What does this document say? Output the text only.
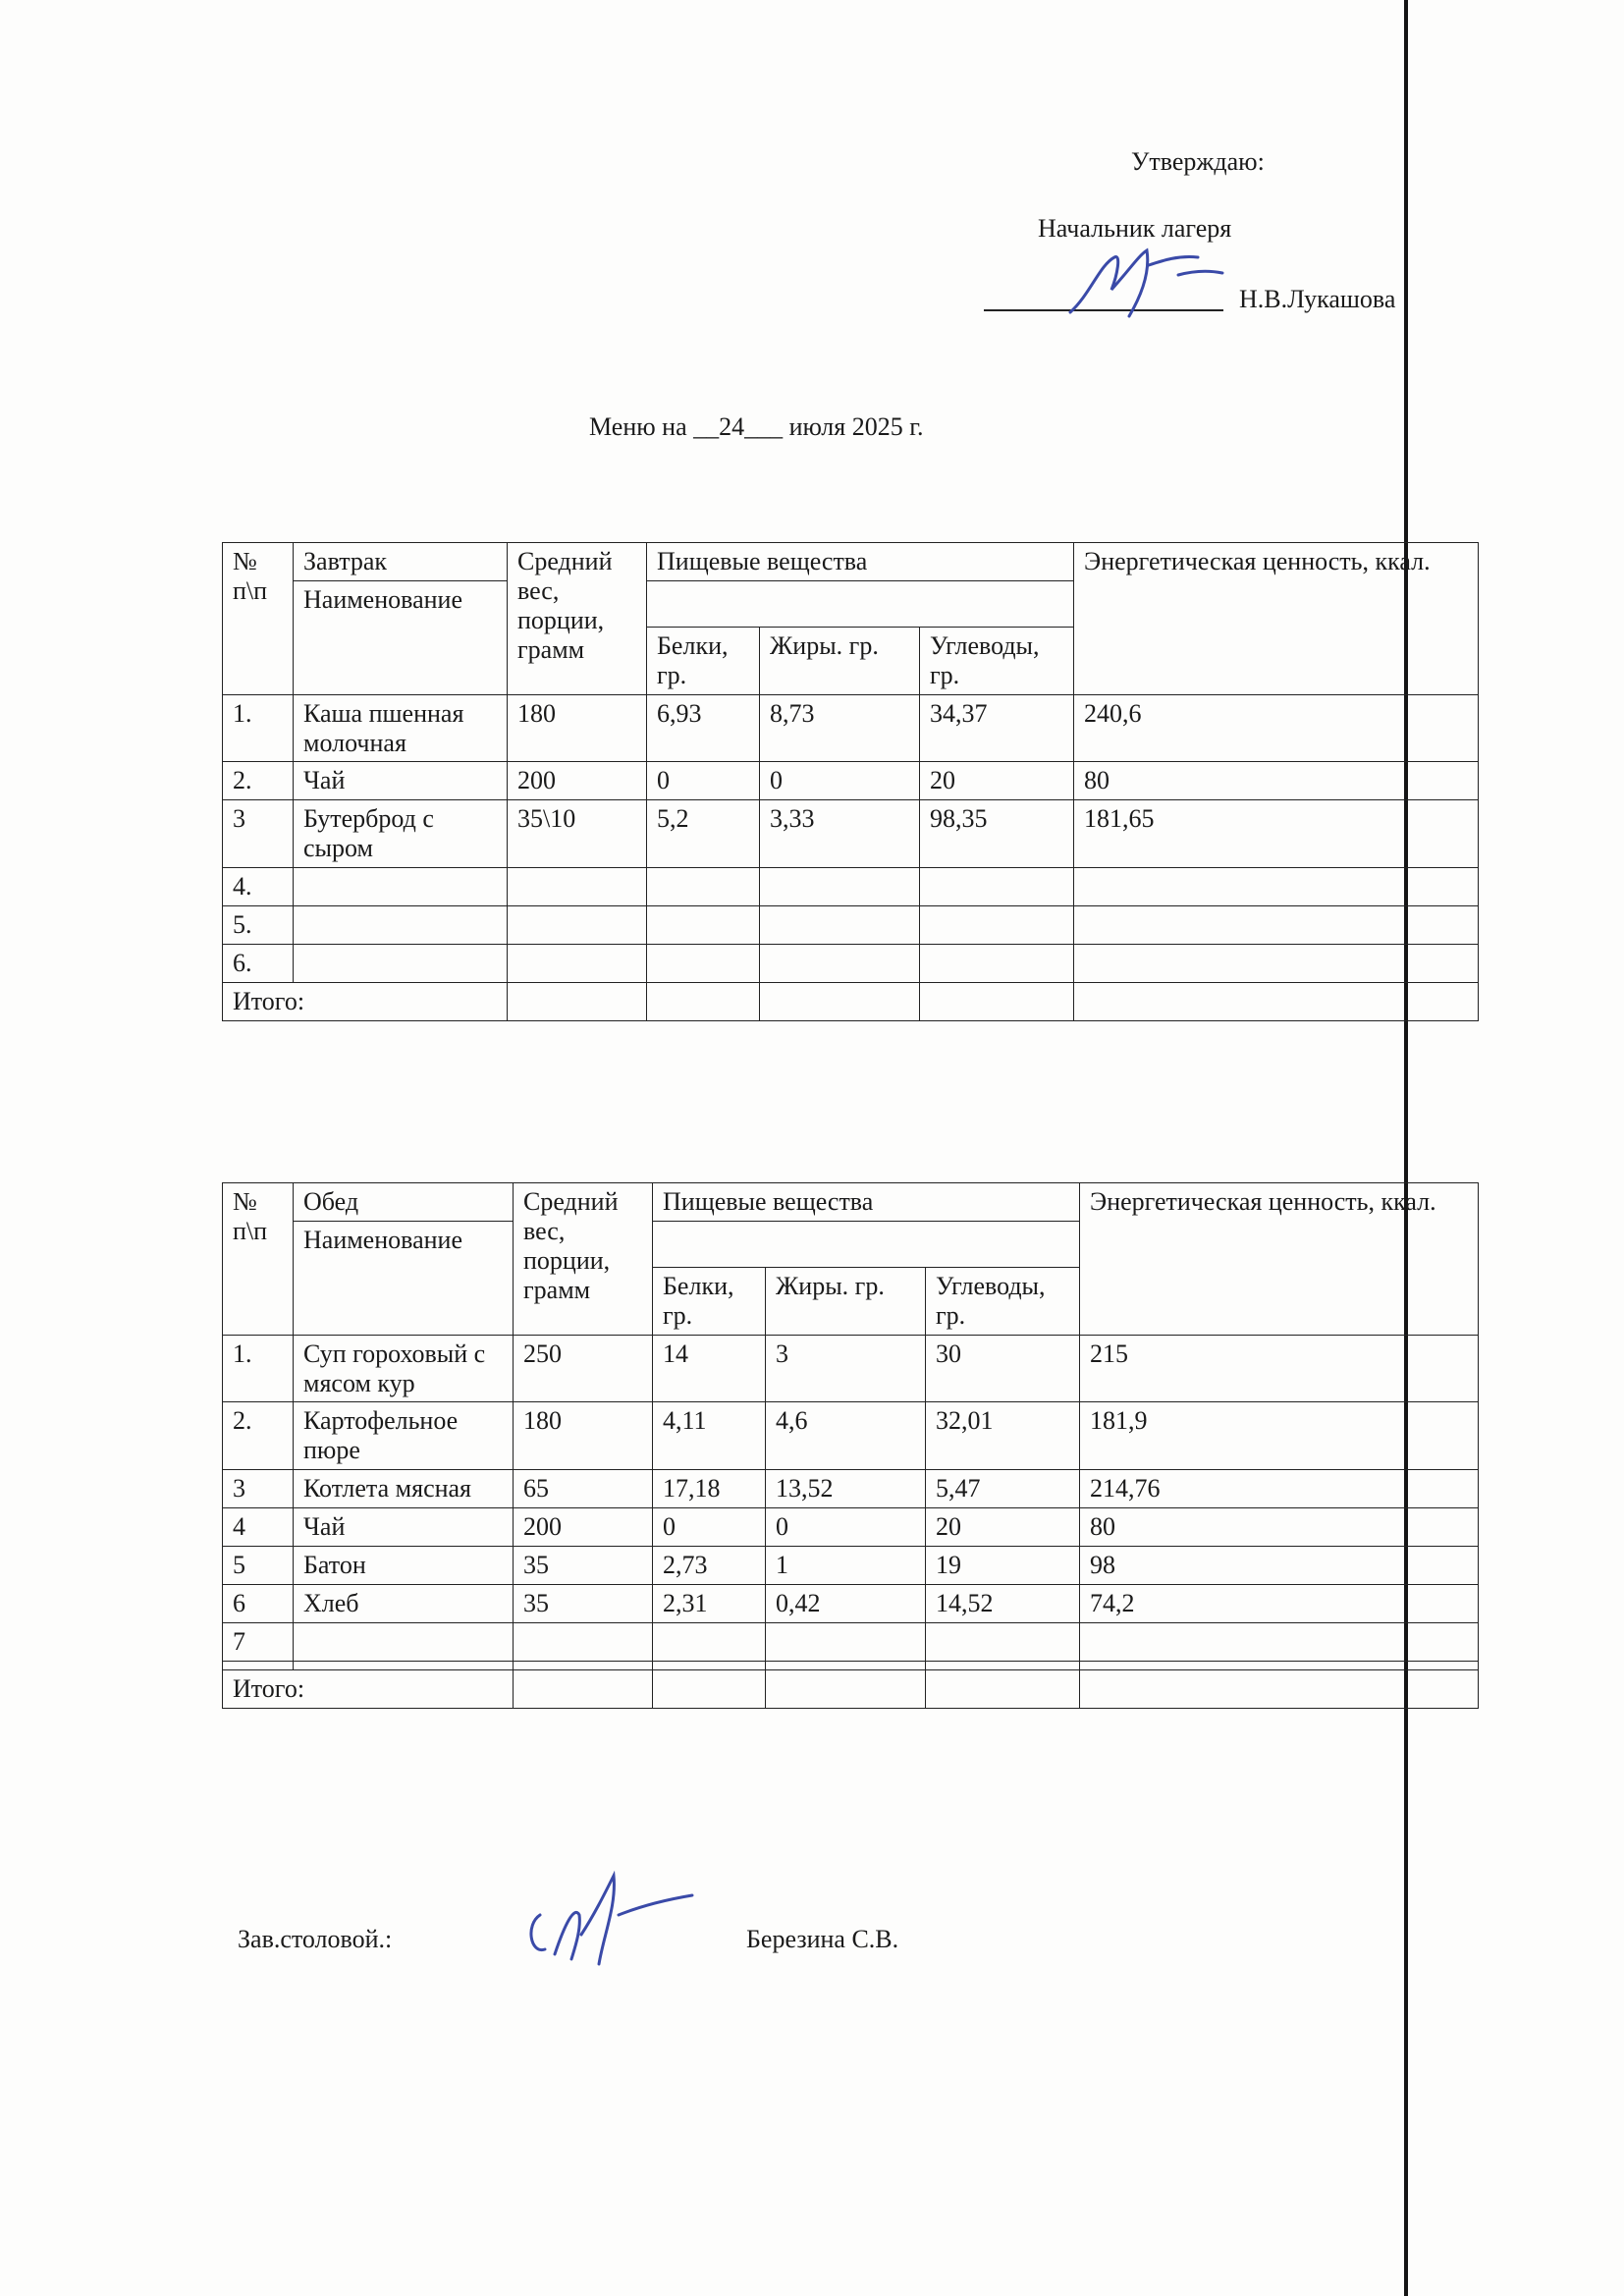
Утверждаю:
Начальник лагеря
Н.В.Лукашова
Меню на __24___ июля 2025 г.
№ п\п	Завтрак	Средний вес, порции, грамм	Пищевые вещества			Энергетическая ценность, ккал.
	Наименование					
			Белки, гр.	Жиры. гр.	Углеводы, гр.	
1.	Каша пшенная молочная	180	6,93	8,73	34,37	240,6
2.	Чай	200	0	0	20	80
3	Бутерброд с сыром	35\10	5,2	3,33	98,35	181,65
4.						
5.						
6.						
Итого:						
№ п\п	Обед	Средний вес, порции, грамм	Пищевые вещества			Энергетическая ценность, ккал.
	Наименование					
			Белки, гр.	Жиры. гр.	Углеводы, гр.	
1.	Суп гороховый с мясом кур	250	14	3	30	215
2.	Картофельное пюре	180	4,11	4,6	32,01	181,9
3	Котлета мясная	65	17,18	13,52	5,47	214,76
4	Чай	200	0	0	20	80
5	Батон	35	2,73	1	19	98
6	Хлеб	35	2,31	0,42	14,52	74,2
7						

Итого:						
Зав.столовой.:	Березина С.В.
